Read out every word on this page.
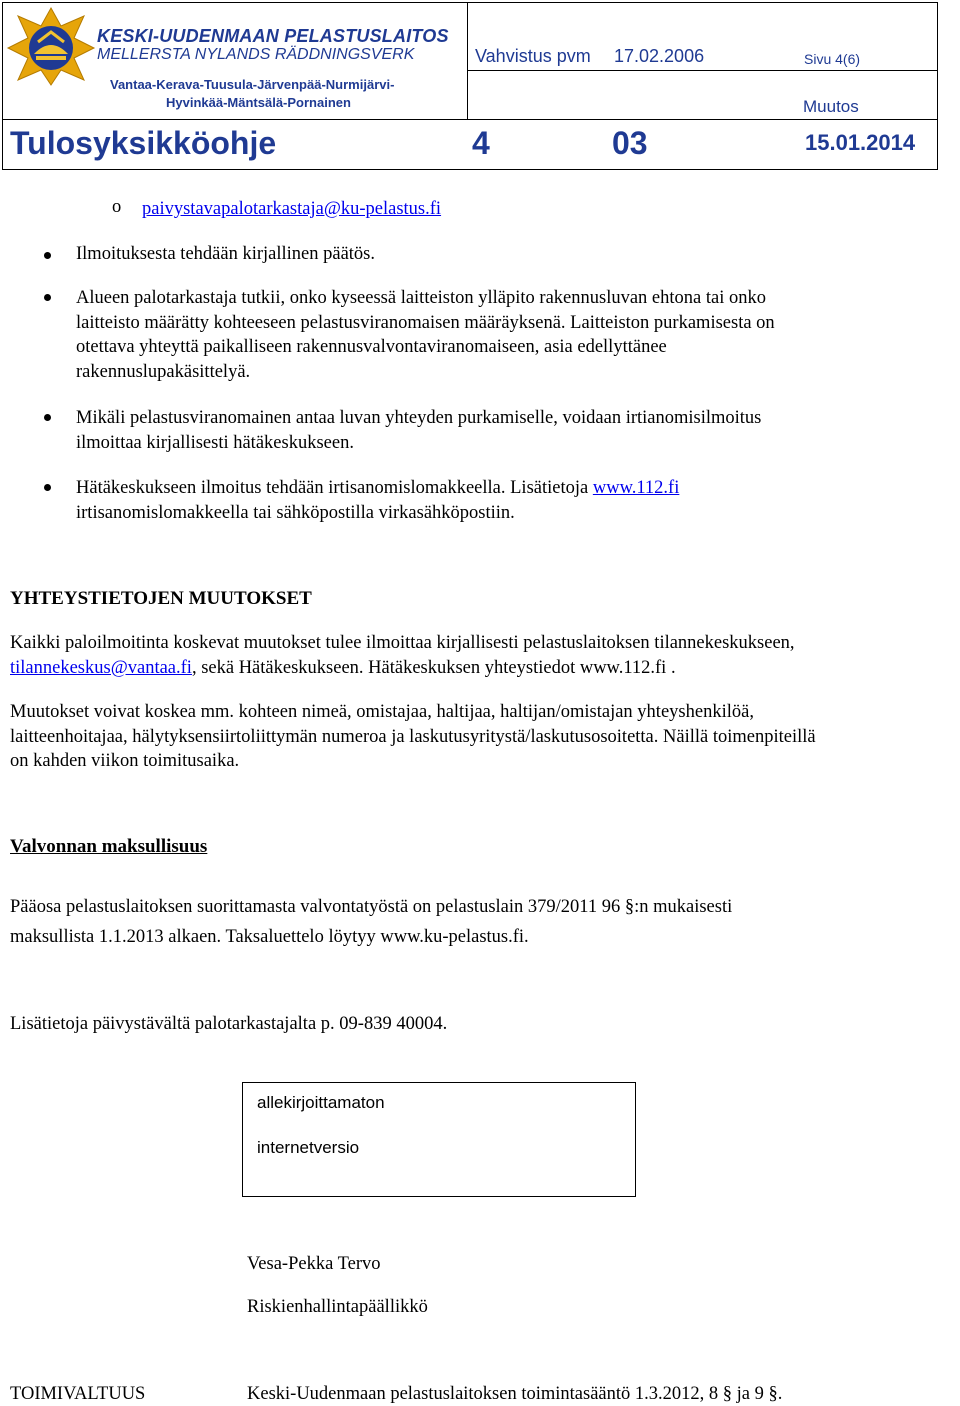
KESKI-UUDENMAAN PELASTUSLAITOS
MELLERSTA NYLANDS RÄDDNINGSVERK
Vantaa-Kerava-Tuusula-Järvenpää-Nurmijärvi-
Hyvinkää-Mäntsälä-Pornainen
Vahvistus pvm 17.02.2006	Sivu 4(6)
Muutos
Tulosyksikköohje	4	03	15.01.2014
o paivystavapalotarkastaja@ku-pelastus.fi
Ilmoituksesta tehdään kirjallinen päätös.
Alueen palotarkastaja tutkii, onko kyseessä laitteiston ylläpito rakennusluvan ehtona tai onko
laitteisto määrätty kohteeseen pelastusviranomaisen määräyksenä. Laitteiston purkamisesta on
otettava yhteyttä paikalliseen rakennusvalvontaviranomaiseen, asia edellyttänee
rakennuslupakäsittelyä.
Mikäli pelastusviranomainen antaa luvan yhteyden purkamiselle, voidaan irtianomisilmoitus
ilmoittaa kirjallisesti hätäkeskukseen.
Hätäkeskukseen ilmoitus tehdään irtisanomislomakkeella. Lisätietoja www.112.fi
irtisanomislomakkeella tai sähköpostilla virkasähköpostiin.
YHTEYSTIETOJEN MUUTOKSET
Kaikki paloilmoitinta koskevat muutokset tulee ilmoittaa kirjallisesti pelastuslaitoksen tilannekeskukseen,
tilannekeskus@vantaa.fi, sekä Hätäkeskukseen. Hätäkeskuksen yhteystiedot www.112.fi .
Muutokset voivat koskea mm. kohteen nimeä, omistajaa, haltijaa, haltijan/omistajan yhteyshenkilöä,
laitteenhoitajaa, hälytyksensiirtoliittymän numeroa ja laskutusyritystä/laskutusosoitetta. Näillä toimenpiteillä
on kahden viikon toimitusaika.
Valvonnan maksullisuus
Pääosa pelastuslaitoksen suorittamasta valvontatyöstä on pelastuslain 379/2011 96 §:n mukaisesti
maksullista 1.1.2013 alkaen. Taksaluettelo löytyy www.ku-pelastus.fi.
Lisätietoja päivystävältä palotarkastajalta p. 09-839 40004.
allekirjoittamaton
internetversio
Vesa-Pekka Tervo
Riskienhallintapäällikkö
TOIMIVALTUUS	Keski-Uudenmaan pelastuslaitoksen toimintasääntö 1.3.2012, 8 § ja 9 §.
